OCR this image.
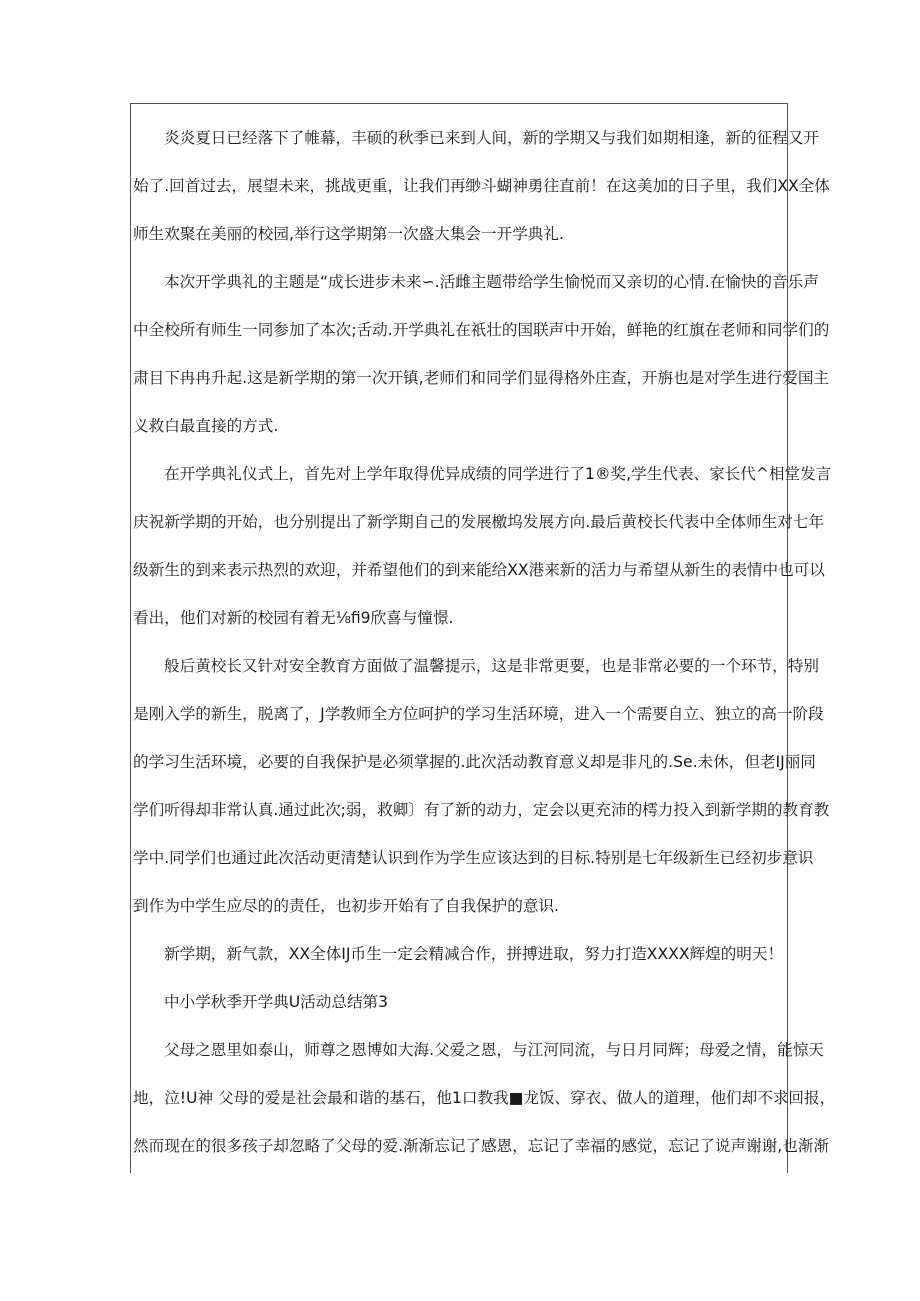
炎炎夏日已经落下了帷幕，丰硕的秋季已来到人间，新的学期又与我们如期相逢，新的征程又开
始了.回首过去，展望未来，挑战更重，让我们再缈斗蝴神勇往直前！在这美加的日子里，我们XX全体
师生欢聚在美丽的校园,举行这学期第一次盛大集会一开学典礼.
本次开学典礼的主题是“成长进步未来∽.活雌主题带给学生愉悦而又亲切的心情.在愉快的音乐声
中全校所有师生一同参加了本次;舌动.开学典礼在祇壮的国联声中开始，鲜艳的红旗在老师和同学们的
肃目下冉冉升起.这是新学期的第一次开镇,老师们和同学们显得格外庄查，开旃也是对学生进行爱国主
义救白最直接的方式.
在开学典礼仪式上，首先对上学年取得优异成绩的同学进行了1®奖,学生代表、家长代^相堂发言
庆祝新学期的开始，也分别提出了新学期自己的发展檄坞发展方向.最后黄校长代表中全体师生对七年
级新生的到来表示热烈的欢迎，并希望他们的到来能给XX港来新的活力与希望从新生的表情中也可以
看出，他们对新的校园有着无⅛fi9欣喜与憧憬.
般后黄校长又针对安全教育方面做了温馨提示，这是非常更要，也是非常必要的一个环节，特别
是刚入学的新生，脱离了，J学教师全方位呵护的学习生活环境，进入一个需要自立、独立的高一阶段
的学习生活环境，必要的自我保护是必须掌握的.此次活动教育意义却是非凡的.Se.未休，但老IJ丽同
学们听得却非常认真.通过此次;弱，救卿〕有了新的动力，定会以更充沛的樗力投入到新学期的教育教
学中.同学们也通过此次活动更清楚认识到作为学生应该达到的目标.特别是七年级新生已经初步意识
到作为中学生应尽的的责任，也初步开始有了自我保护的意识.
新学期，新气款，XX全体IJ币生一定会精减合作，拼搏进取，努力打造XXXX辉煌的明天！
中小学秋季开学典U活动总结第3
父母之恩里如泰山，师尊之恩博如大海.父爱之恩，与江河同流，与日月同辉；母爱之情，能惊天
地，泣!U神 父母的爱是社会最和谐的基石，他1口教我■龙饭、穿衣、做人的道理，他们却不求回报，
然而现在的很多孩子却忽略了父母的爱.渐渐忘记了感恩，忘记了幸福的感觉，忘记了说声谢谢,也渐渐
